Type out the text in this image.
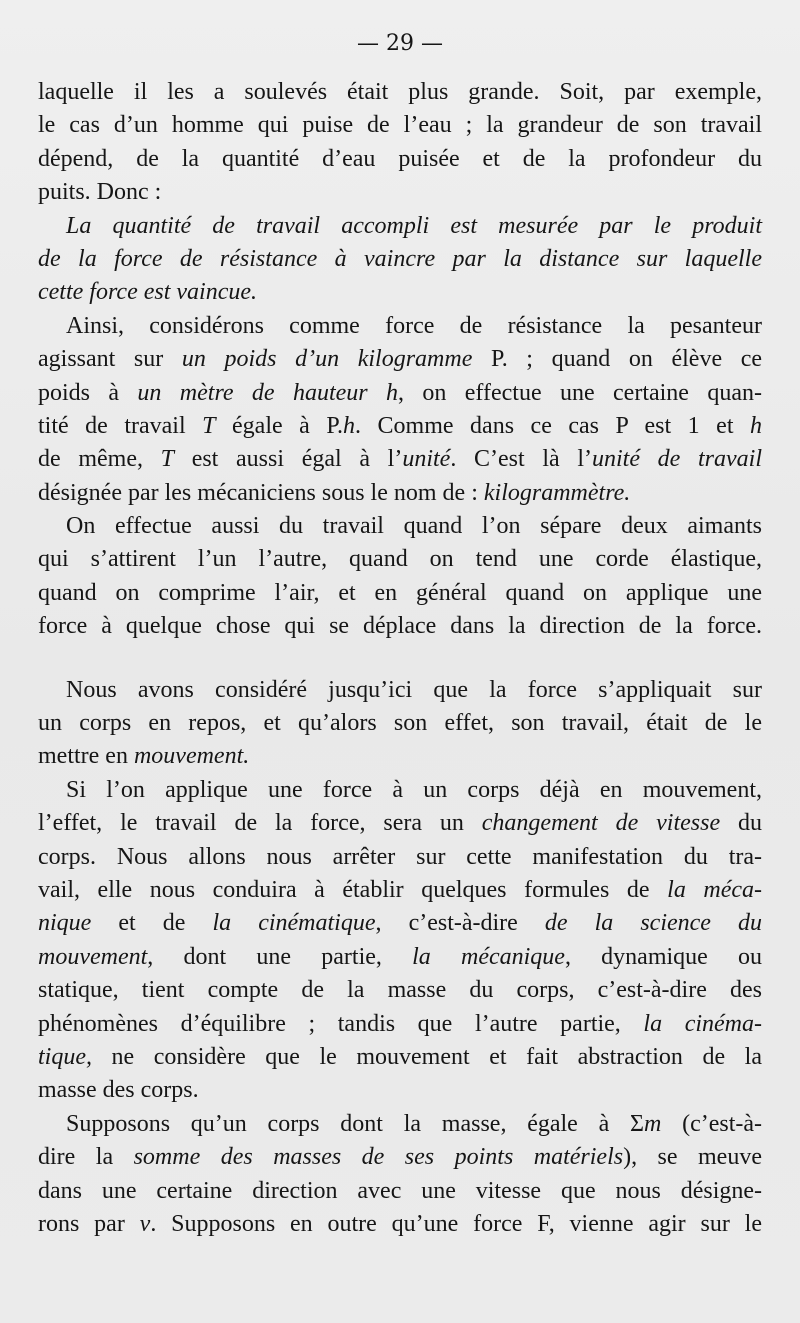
— 29 —
laquelle il les a soulevés était plus grande. Soit, par exemple,
le cas d’un homme qui puise de l’eau ; la grandeur de son travail
dépend, de la quantité d’eau puisée et de la profondeur du
puits. Donc :
La quantité de travail accompli est mesurée par le produit
de la force de résistance à vaincre par la distance sur laquelle
cette force est vaincue.
Ainsi, considérons comme force de résistance la pesanteur
agissant sur un poids d’un kilogramme P. ; quand on élève ce
poids à un mètre de hauteur h, on effectue une certaine quan-
tité de travail T égale à P.h. Comme dans ce cas P est 1 et h
de même, T est aussi égal à l’unité. C’est là l’unité de travail
désignée par les mécaniciens sous le nom de : kilogrammètre.
On effectue aussi du travail quand l’on sépare deux aimants
qui s’attirent l’un l’autre, quand on tend une corde élastique,
quand on comprime l’air, et en général quand on applique une
force à quelque chose qui se déplace dans la direction de la force.
Nous avons considéré jusqu’ici que la force s’appliquait sur
un corps en repos, et qu’alors son effet, son travail, était de le
mettre en mouvement.
Si l’on applique une force à un corps déjà en mouvement,
l’effet, le travail de la force, sera un changement de vitesse du
corps. Nous allons nous arrêter sur cette manifestation du tra-
vail, elle nous conduira à établir quelques formules de la méca-
nique et de la cinématique, c’est-à-dire de la science du
mouvement, dont une partie, la mécanique, dynamique ou
statique, tient compte de la masse du corps, c’est-à-dire des
phénomènes d’équilibre ; tandis que l’autre partie, la cinéma-
tique, ne considère que le mouvement et fait abstraction de la
masse des corps.
Supposons qu’un corps dont la masse, égale à Σm (c’est-à-
dire la somme des masses de ses points matériels), se meuve
dans une certaine direction avec une vitesse que nous désigne-
rons par v. Supposons en outre qu’une force F, vienne agir sur le
